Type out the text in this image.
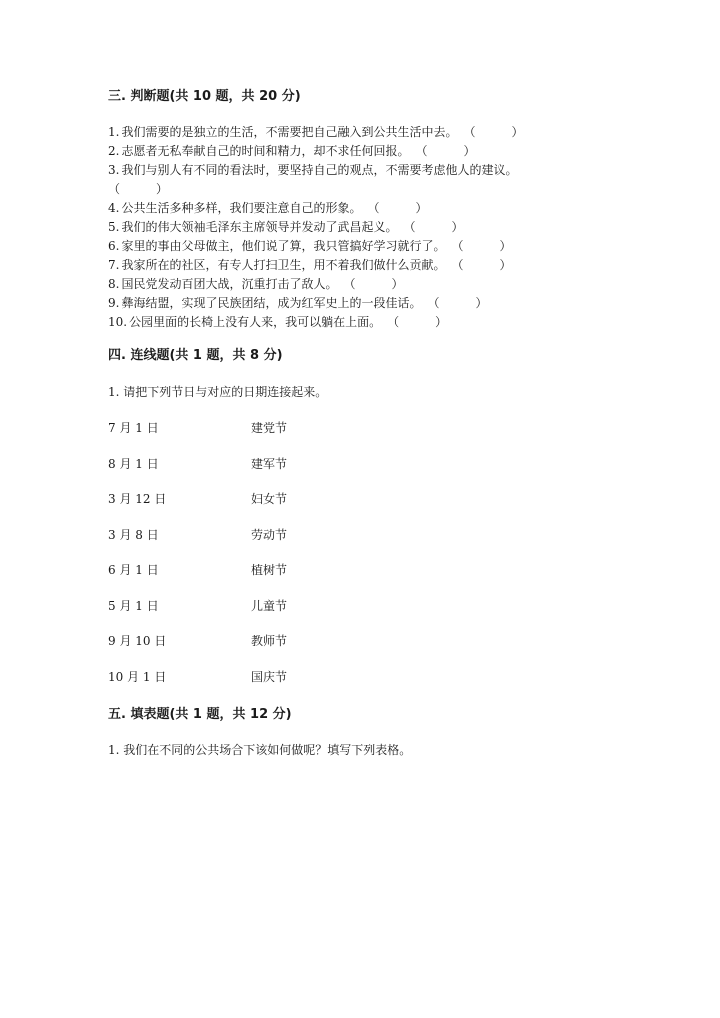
三. 判断题(共 10 题，共 20 分)
1. 我们需要的是独立的生活，不需要把自己融入到公共生活中去。 （　　　）
2. 志愿者无私奉献自己的时间和精力，却不求任何回报。 （　　　）
3. 我们与别人有不同的看法时，要坚持自己的观点，不需要考虑他人的建议。
（　　　）
4. 公共生活多种多样，我们要注意自己的形象。 （　　　）
5. 我们的伟大领袖毛泽东主席领导并发动了武昌起义。 （　　　）
6. 家里的事由父母做主，他们说了算，我只管搞好学习就行了。 （　　　）
7. 我家所在的社区，有专人打扫卫生，用不着我们做什么贡献。 （　　　）
8. 国民党发动百团大战，沉重打击了敌人。 （　　　）
9. 彝海结盟，实现了民族团结，成为红军史上的一段佳话。 （　　　）
10. 公园里面的长椅上没有人来，我可以躺在上面。 （　　　）
四. 连线题(共 1 题，共 8 分)
1. 请把下列节日与对应的日期连接起来。
7 月 1 日	建党节
8 月 1 日	建军节
3 月 12 日	妇女节
3 月 8 日	劳动节
6 月 1 日	植树节
5 月 1 日	儿童节
9 月 10 日	教师节
10 月 1 日	国庆节
五. 填表题(共 1 题，共 12 分)
1. 我们在不同的公共场合下该如何做呢？填写下列表格。
